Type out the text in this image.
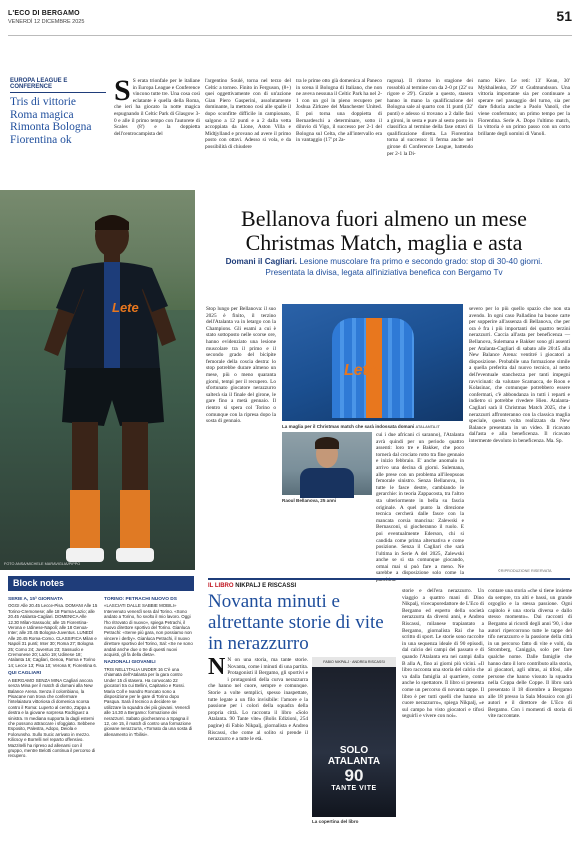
L'ECO DI BERGAMO
VENERDÌ 12 DICEMBRE 2025	51
EUROPA LEAGUE E CONFERENCE
Tris di vittorie Roma magica Rimonta Bologna Fiorentina ok
S S erata trionfale per le italiane in Europa League e Conference vincono tutte tre. Una cosa così eclatante è quella della Roma, che ieri ha giocato la notte magica espugnando il Celtic Park di Glasgow 3-0 e alle il primo tempo con l'autorete di Scales (8') e la doppietta dell'centrocampista del
l'argentino Soulé, torna nel terzo del Celtic a torneo. Finito in Ferguson, (8+) quei oggettivamente con di un'azione Gian Piero Gasperini, assolutamente dominante, la mettono così alle spalle il dopo sconfitte difficile in campionato, salgono a 12 punti e a 2 dalla vetta accoppiata da Lione, Aston Villa e Midtjylland e provano ad avere il primo posto con ottavi. Adesso si vola, e da possibilità di chiudere
tra le prime otto già domenica al Paneco in scena il Bologna di Italiano, che non ne aveva nessuna il Celtic Park ha nel 2-1 con un gol in pieno recupero per Joshua Zirkzee del Manchester United. E poi torna una doppietta di Bernardeschi a determinare, sotto il diluvio di Vigo, il successo per 2-1 del Bologna sul Celta, che all'intervallo era in vantaggio (17' pt 2a-
ragona). Il ritorno in stagione dei rossoblù al termine con da 2-0 pt (22' su rigore e 29'). Grazie a questo, stasera hanno in mano la qualificazione del Bologna sale al quarto con 11 punti (32' punti) e adesso si trovano a 2 dalle fasi a gironi, in sesta e pure al sesto posto in classifica al termine della fase ottavi di qualificazione diretta. La Fiorentina torna al successo: li ferma anche nel girone di Conference League, battendo per 2-1 la Di-
namo Kiev. Le reti: 13' Kean, 30' Mykhailenko, 29' st Gudmundsson. Una vittoria importante sia per continuare a sperare nel passaggio del turno, sia per dare fiducia anche a Paolo Vanoli, che viene confermato; un primo tempo per la Fiorentina. Serie A. Dopo l'ultimo match, la vittoria è un primo passo con un corto brillante degli uomini di Vanoli.
Lete
FOTO ANSA/MICHELE MARAVIGLIA/PIPPO
Bellanova fuori almeno un mese Christmas Match, maglia e asta
Domani il Cagliari. Lesione muscolare fra primo e secondo grado: stop di 30-40 giorni. Presentata la divisa, legata all'iniziativa benefica con Bergamo Tv
Stop lungo per Bellanova: il suo 2025 è finito, il terzino dell'Atalanta va in letargo con la Champions. Gli esami a cui è stato sottoposto nelle scorse ore, hanno evidenziato una lesione muscolare tra il primo e il secondo grado del bicipite femorale della coscia destra: lo stop potrebbe durare almeno un mese, più o meno quaranta giorni, tempi per il recupero. Lo sfortunato giocatore nerazzurro salterà sia il finale del girone, le gare fino a metà gennaio. Il rientro si spera col Torino o comunque con la ripresa dopo la sosta di gennaio.
Lete
La maglia per il Christmas match che sarà indossata domani ATALANTA.IT
Raoul Bellanova, 25 anni
cui i due africani ci saranno), l'Atalanta avrà quindi per un periodo quattro assenti: loro tre e Bakker, che poco tornerà dal crociato rotto tra fine gennaio e inizio febbraio. E' anche anomalo in arrivo una decina di giorni. Sulemana, alle prese con un problema all'ileopsoas femorale sinistro. Senza Bellanova, in tutte le fasce destre, cambiando le gerarchie: in teoria Zappacosta, tra l'altro sta ulteriormente in bella su fascia originale. A quel punto la direzione tecnica cercherà dalle fasce con la mancata corsia mancina: Zalewski e Bernasconi, si giocheranno il ruolo. E poi eventualmente Ederson, chi si candida come prima alternativa e come posizione. Senza il Cagliari che sarà l'ultima in Serie A del 2025, Zalewski anche se si sta comunque giocando, ormai mai si può fare a meno. Ne sarebbe a disposizione solo come la panchina.
severo per lo più quello spazio che non sta avendo. In ogni caso Palladino ha buone carte per sopperire all'assenza di Bellanova, che per ora è fra i più importanti dei quattro terzini nerazzurri. Caccia all'asta per beneficenza — Bellanova, Sulemana e Bakker sono gli assenti per Atalanta-Cagliari di sabato alle 20:45 alla New Balance Arena: ventitré i giocatori a disposizione. Probabile una formazione simile a quella preferita dal nuovo tecnico, al netto dell'eventuale stanchezza per tanti impegni ravvicinati: da valutare Scamacca, de Roon e Kolasinac, che comunque potrebbero essere confermati, c'è abbondanza in tutti i reparti e indietro si potrebbe rivedere Hien. Atalanta-Cagliari sarà il Christmas Match 2025, che i nerazzurri affronteranno con la classica maglia speciale, questa volta realizzata da New Balance presentata in un video. Il ricavato dall'asta e alla beneficenza. Il ricavato intermente devoluto in beneficenza. Ma. Sp.
©RIPRODUZIONE RISERVATA
Block notes
SERIE A, 15ª GIORNATA
OGGI Alle 20.45 Lecce-Pisa. DOMANI Alle 15 Torino-Cremonese; alle 18 Parma-Lazio; alle 20.45 Atalanta-Cagliari. DOMENICA Alle 12.30 Milan-Sassuolo; alle 15 Fiorentina-Verona e Udinese-Napoli; alle 18 Genoa-Inter; alle 20.45 Bologna-Juventus. LUNEDÌ Alle 20.45 Roma-Como. CLASSIFICA Milan e Napoli 31 punti; Inter 30; Roma 27; Bologna 25; Como 24; Juventus 23; Sassuolo e Cremonese 20; Lazio 19; Udinese 18; Atalanta 16; Cagliari, Genoa, Parma e Torino 14; Lecce 13; Pisa 10; Verona 9; Fiorentina 6.
QUI CAGLIARI
A BERGAMO SENZA MINA Cagliari ancora senza Mina per il match di domani alla New Balance Arena. Senza il colombiano, la Pisacane non trova che confermare l'intelaiatura vittoriosa di domenica scorsa contro il Roma: Luperto al centro, Zappa a destra e la giovane sorpresa Rodriguez a sinistra. In mediana supporta la dagli esterni che possono attraccare i sfoggiato. Sebbene Esposito, Palestra, Adopo, Deiola e Folorunsho. Sullo Sucic arrivato in mezzo. Kilicsoy e Borrelli nel reparto offensivo. Mazzitelli ha ripreso ad allenarsi con il gruppo, mentre Belotti continua il percorso di recupero.
TORINO: PETRACHI NUOVO DS
«LASCIATI DALLE SABBIE MOBILI» Intervenuto venerdì sera dal Torino. «Sono andato a Torino, ho svolto il mio lavoro. Oggi l'ho ritrovato di nuovo», spiega Petrachi, il nuovo direttore sportivo del Torino. Gianluca Petrachi: «Serve più gara, non possiamo non vincere i derby». Gianluca Petrachi, il nuovo direttore sportivo del Torino, Sal: «Se ne sono andati anche due o tre di questi nuovi acquisti, gli fa della dieta».
NAZIONALI GIOVANILI
TRIS NELL'ITALIA UNDER 16 C'è una chiamata dell'Atalanta per la gara contro Under 15 di stasera. Ha convocato 22 giocatori tra cui Bellini, Capitanio e Rossi. Maria Coll e Ivandro Roncato sono a disposizione per le gare di Torino dopo Pasqua. Sarà il tecnico a decidere se utilizzare la squadra dei più giovani. Venerdì alle 14.30 a Bergamo: formazione dei nerazzurri. Sabato giocheranno a Spagna il 12, ore 15, il match di contro una formazione giovane nerazzurra, «Tornato da una sosta di allenamento in Tbilisi».
IL LIBRO NIKPALJ E RISCASSI
Novanta minuti e altrettante storie di vite in nerazzurro
N N on una storia, ma tante storie. Novanta, come i minuti di una partita. Protagonisti il Bergamo, gli sportivi e i protagonisti della curva nerazzurra che hanno nel cuore, sempre e comunque. Storie a volte semplici, spesso inaspettate, tutte legate a un filo invisibile: l'amore e la passione per i colori della squadra della propria città. Lo racconta il libro «Solo Atalanta. 90 Tante vite» (Bolis Edizioni, 254 pagine) di Fabio Nikpalj, giornalista e Andrea Riscassi, che come al solito si prende il nerazzurro e a tutte le età.
FABIO NIKPALJ · ANDREA RISCASSI
SOLO ATALANTA
90
TANTE VITE
La copertina del libro
storie e dell'era nerazzurro. Un viaggio a quattro mani di Dino Nikpalj, vicecaporedattore de L'Eco di Bergamo ed esperto della società nerazzurra da diversi anni, e Andrea Riscassi, milanese trapiantato a Bergamo, giornalista Rai che ha scritto di sport. Le storie sono raccolte in una sequenza ideale di 90 episodi, dal calcio dei campi del passato e di quando l'Atalanta era nei campi dalla B alla A, fino ai giorni più vicini. «Il libro racconta una storia del calcio che va dalla famiglia al quartiere, come anche lo spettatore. Il libro si presenta come un percorso di novanta tappe. Il libro è per tutti quelli che hanno un cuore nerazzurro», spiega Nikpalj, «e sul campo ho visto giocatori e tifosi seguirli e vivere con noi».
contare una storia «che si tiene insieme da sempre, tra alti e bassi, un grande orgoglio e la stessa passione. Ogni capitolo è una storia diversa e dallo stesso momento». Dai racconti di Bergamo ai ricordi degli anni '90, i due autori ripercorrono tutte le tappe del tifo nerazzurro e la passione della città in un percorso fatto di vite e volti, da Stromberg, Caniggia, solo per fare qualche nome. Dalle famiglie che hanno dato il loro contributo alla storia, ai giocatori, agli ultras, ai tifosi, alle persone che hanno vissuto la squadra nella Coppa delle Coppe. Il libro sarà presentato il 18 dicembre a Bergamo alle 18 presso la Sala Mosaico con gli autori e il direttore de L'Eco di Bergamo. Con i momenti di storia di vite raccontate.
